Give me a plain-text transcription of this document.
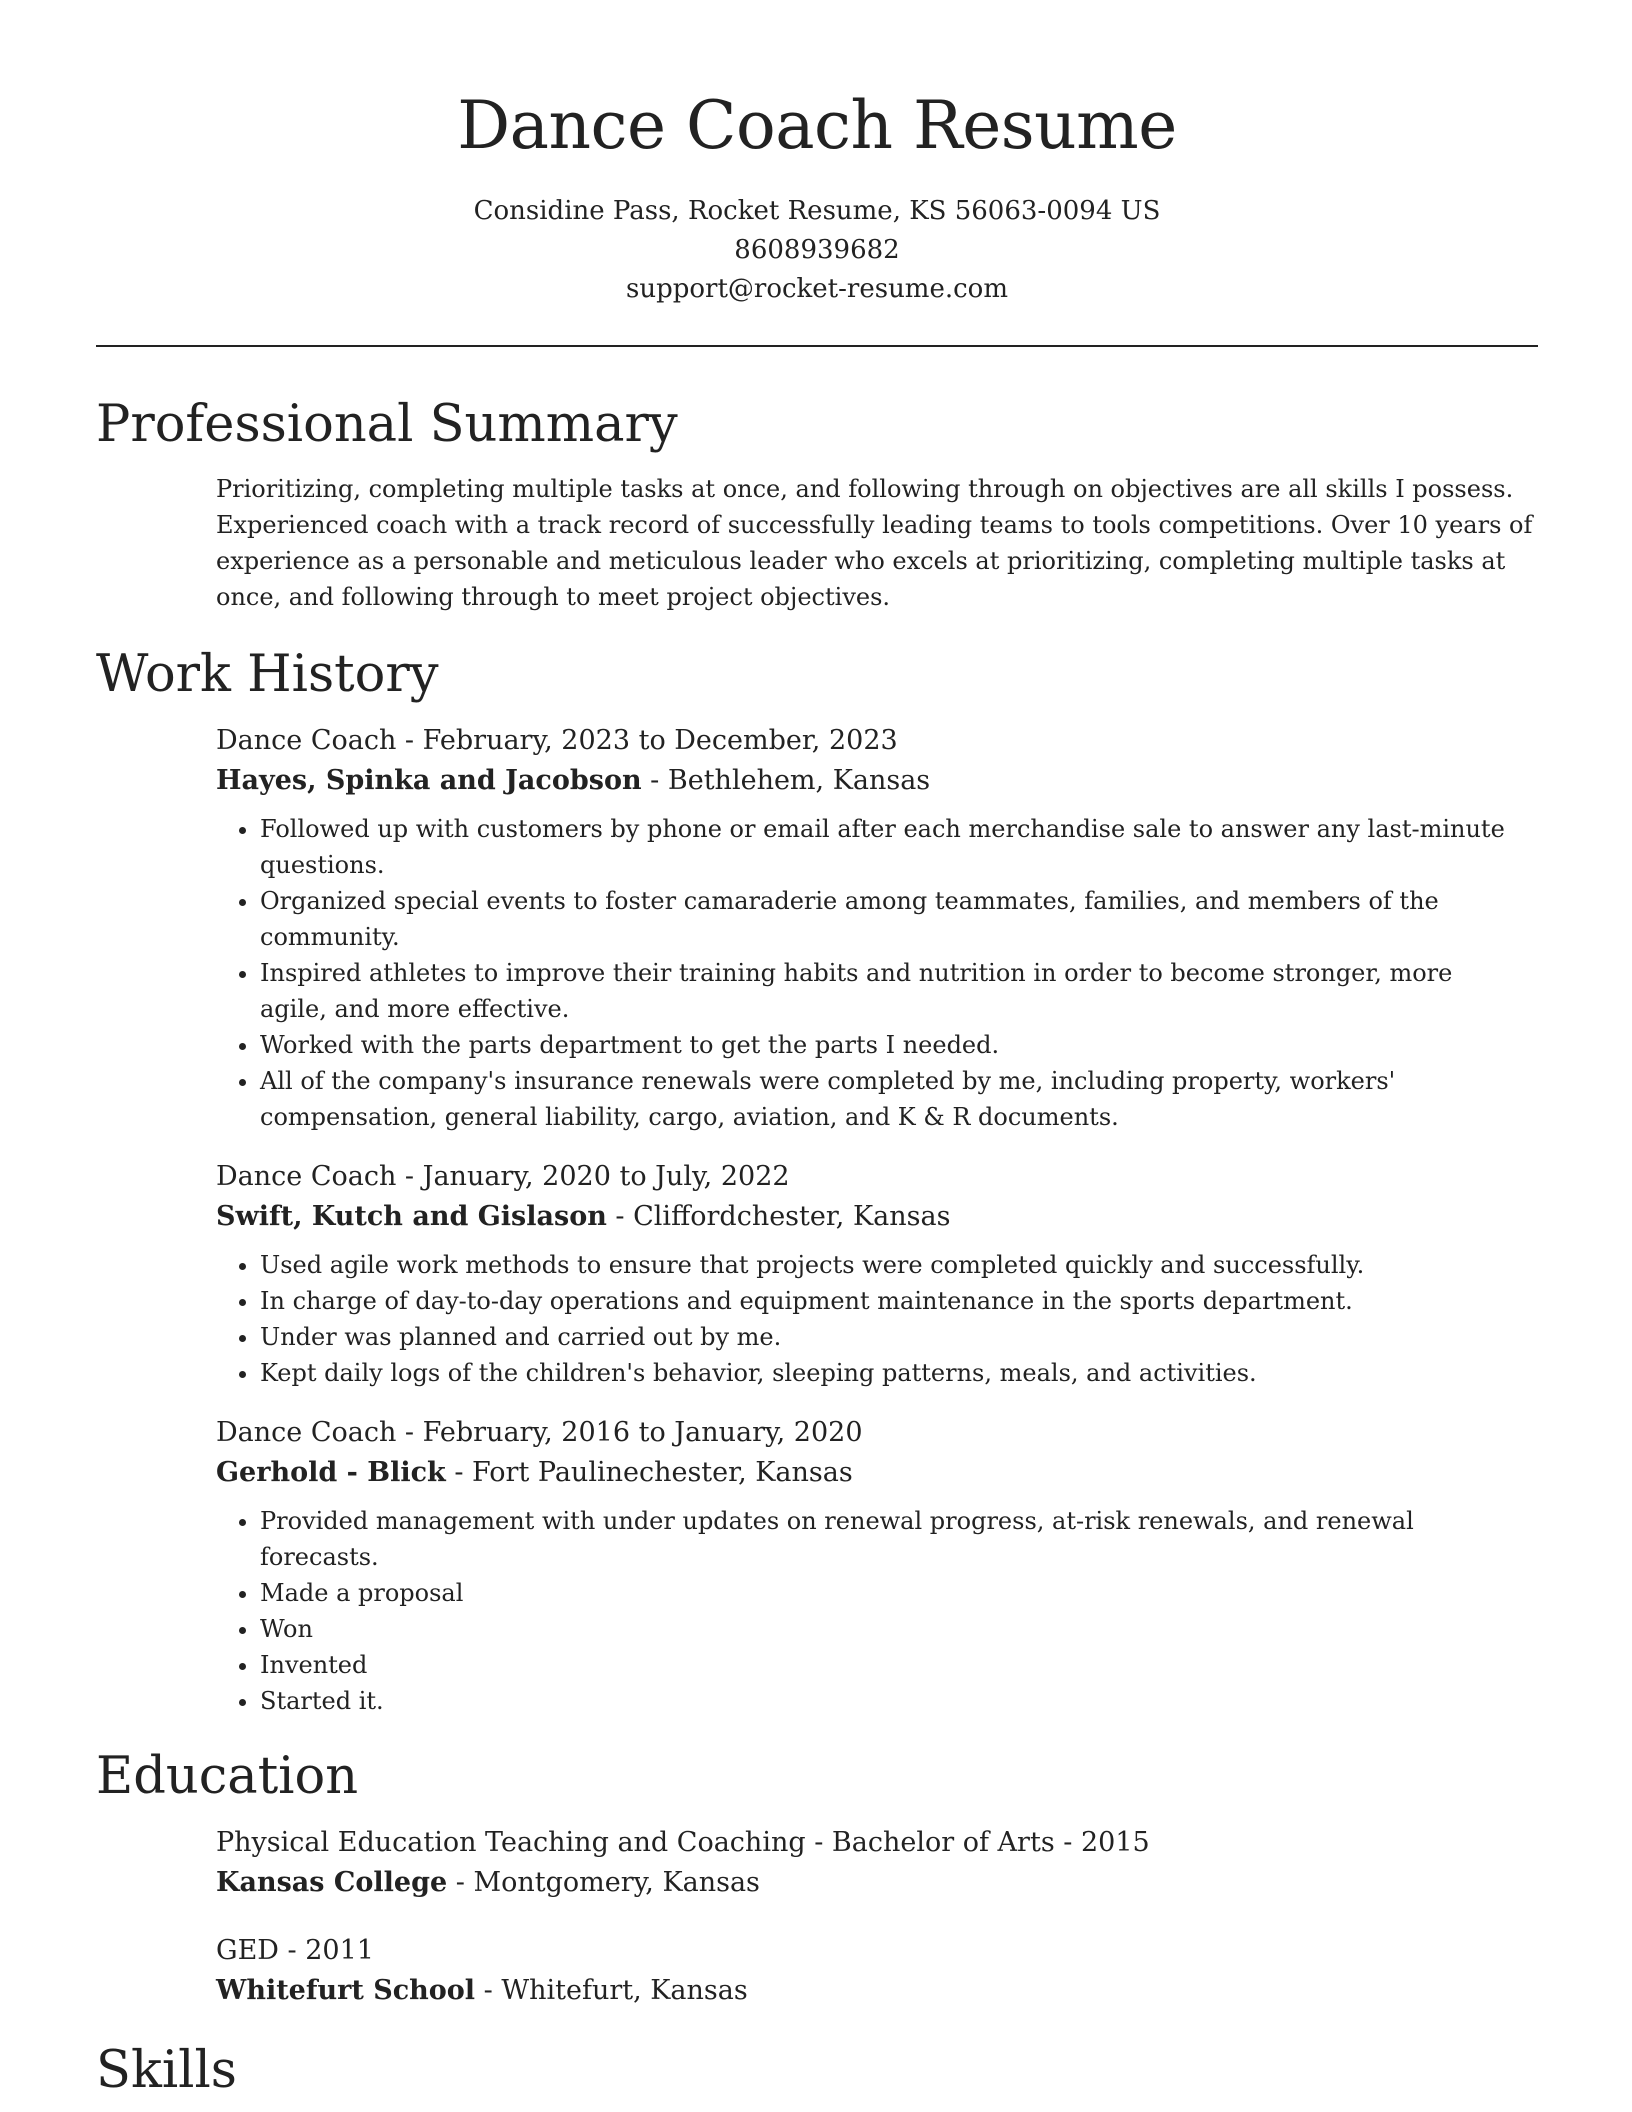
Dance Coach Resume

Considine Pass, Rocket Resume, KS 56063-0094 US

8608939682

support@rocket-resume.com

Professional Summary

Prioritizing, completing multiple tasks at once, and following through on objectives are all skills I possess. Experienced coach with a track record of successfully leading teams to tools competitions. Over 10 years of experience as a personable and meticulous leader who excels at prioritizing, completing multiple tasks at once, and following through to meet project objectives.

Work History

Dance Coach - February, 2023 to December, 2023

Hayes, Spinka and Jacobson - Bethlehem, Kansas

• Followed up with customers by phone or email after each merchandise sale to answer any last-minute questions.
• Organized special events to foster camaraderie among teammates, families, and members of the community.
• Inspired athletes to improve their training habits and nutrition in order to become stronger, more agile, and more effective.
• Worked with the parts department to get the parts I needed.
• All of the company's insurance renewals were completed by me, including property, workers' compensation, general liability, cargo, aviation, and K & R documents.

Dance Coach - January, 2020 to July, 2022

Swift, Kutch and Gislason - Cliffordchester, Kansas

• Used agile work methods to ensure that projects were completed quickly and successfully.
• In charge of day-to-day operations and equipment maintenance in the sports department.
• Under was planned and carried out by me.
• Kept daily logs of the children's behavior, sleeping patterns, meals, and activities.

Dance Coach - February, 2016 to January, 2020

Gerhold - Blick - Fort Paulinechester, Kansas

• Provided management with under updates on renewal progress, at-risk renewals, and renewal forecasts.
• Made a proposal
• Won
• Invented
• Started it.
Education

Physical Education Teaching and Coaching - Bachelor of Arts - 2015

Kansas College - Montgomery, Kansas

GED - 2011

Whitefurt School - Whitefurt, Kansas

Skills
